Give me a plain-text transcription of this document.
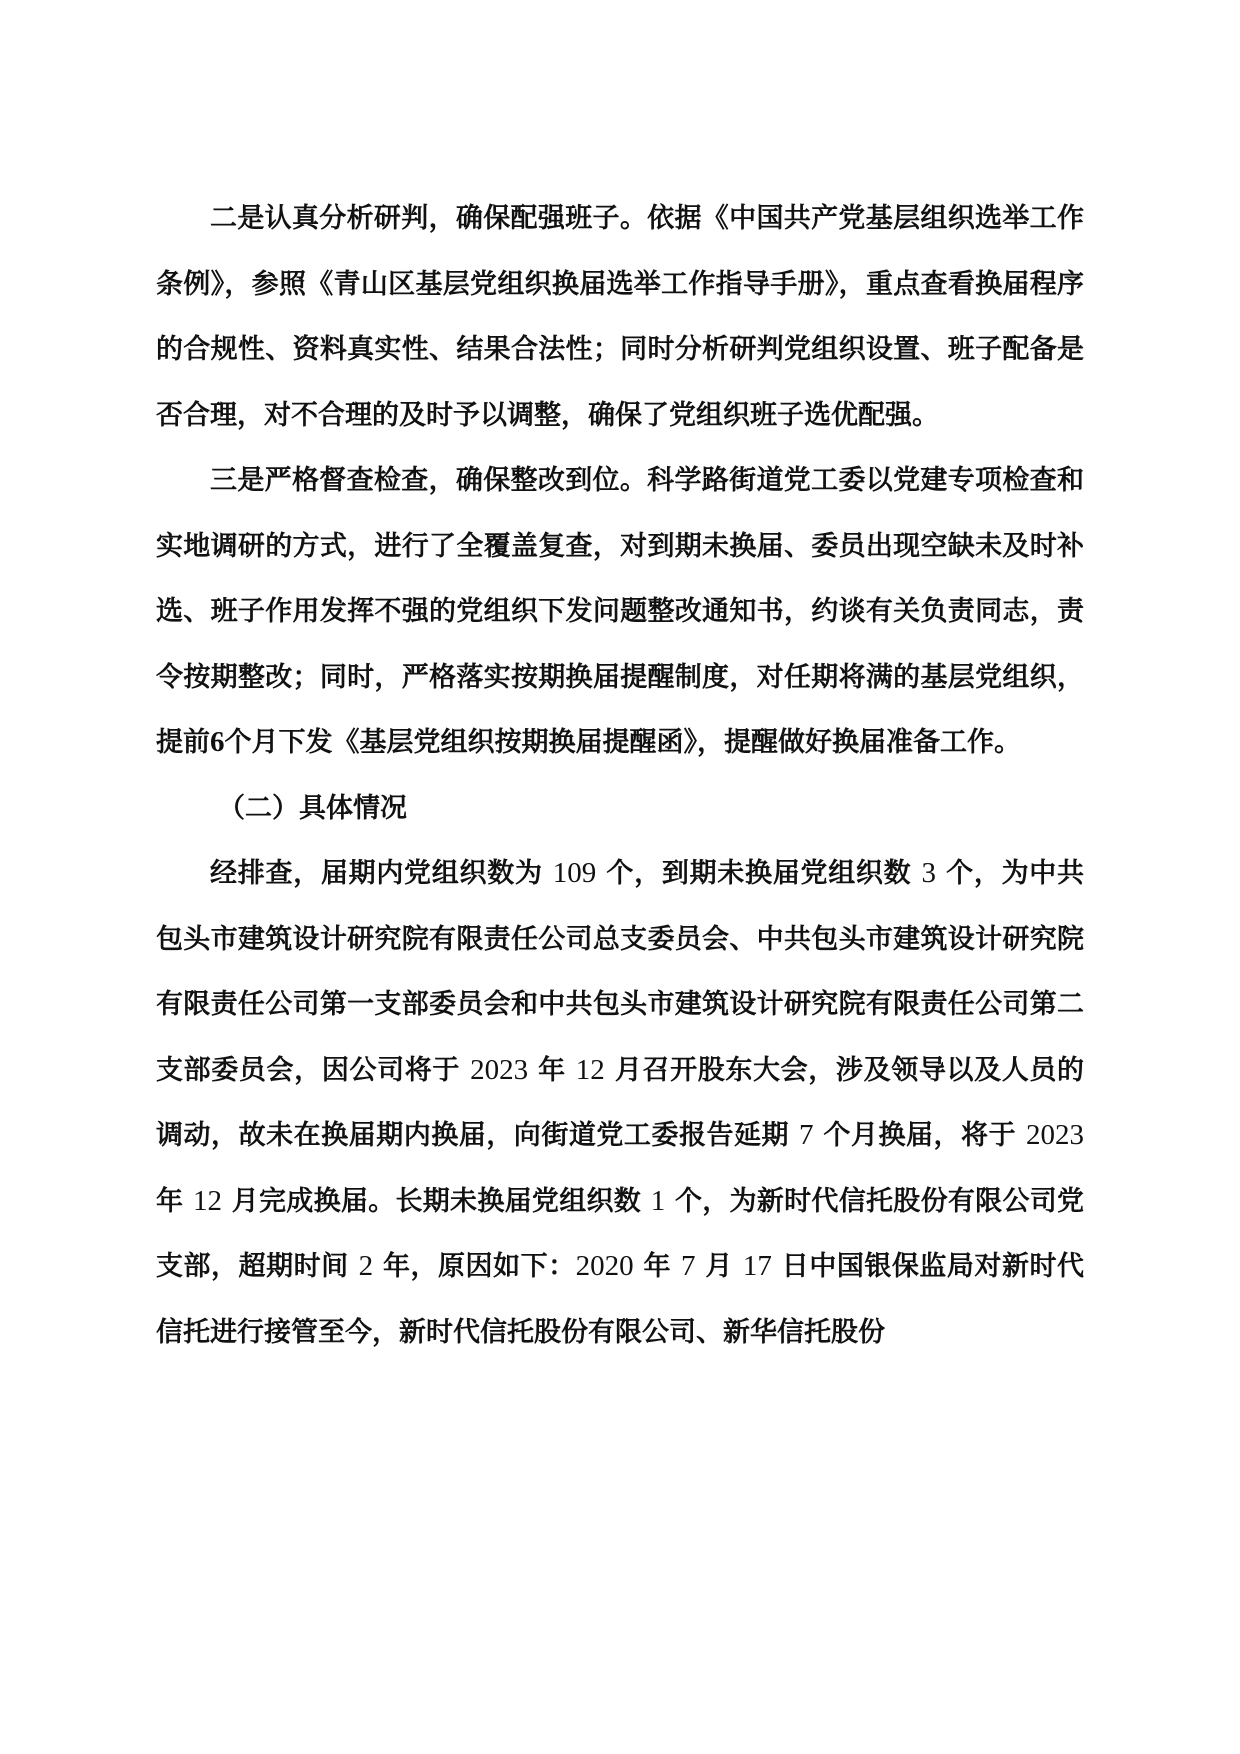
二是认真分析研判，确保配强班子。依据《中国共产党基层组织选举工作条例》，参照《青山区基层党组织换届选举工作指导手册》，重点查看换届程序的合规性、资料真实性、结果合法性；同时分析研判党组织设置、班子配备是否合理，对不合理的及时予以调整，确保了党组织班子选优配强。

三是严格督查检查，确保整改到位。科学路街道党工委以党建专项检查和实地调研的方式，进行了全覆盖复查，对到期未换届、委员出现空缺未及时补选、班子作用发挥不强的党组织下发问题整改通知书，约谈有关负责同志，责令按期整改；同时，严格落实按期换届提醒制度，对任期将满的基层党组织，提前6个月下发《基层党组织按期换届提醒函》，提醒做好换届准备工作。

（二）具体情况

经排查，届期内党组织数为 109 个，到期未换届党组织数 3 个，为中共包头市建筑设计研究院有限责任公司总支委员会、中共包头市建筑设计研究院有限责任公司第一支部委员会和中共包头市建筑设计研究院有限责任公司第二支部委员会，因公司将于 2023 年 12 月召开股东大会，涉及领导以及人员的调动，故未在换届期内换届，向街道党工委报告延期 7 个月换届，将于 2023 年 12 月完成换届。长期未换届党组织数 1 个，为新时代信托股份有限公司党支部，超期时间 2 年，原因如下：2020 年 7 月 17 日中国银保监局对新时代信托进行接管至今，新时代信托股份有限公司、新华信托股份
